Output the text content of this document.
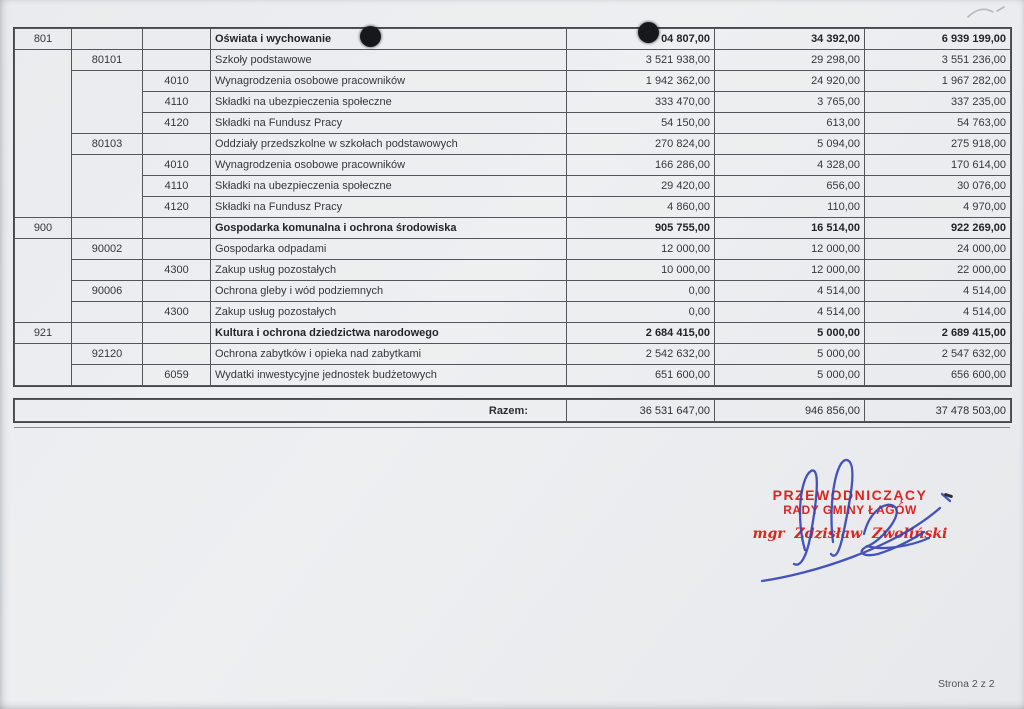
801			Oświata i wychowanie	04 807,00	34 392,00	6 939 199,00
	80101		Szkoły podstawowe	3 521 938,00	29 298,00	3 551 236,00
		4010	Wynagrodzenia osobowe pracowników	1 942 362,00	24 920,00	1 967 282,00
		4110	Składki na ubezpieczenia społeczne	333 470,00	3 765,00	337 235,00
		4120	Składki na Fundusz Pracy	54 150,00	613,00	54 763,00
	80103		Oddziały przedszkolne w szkołach podstawowych	270 824,00	5 094,00	275 918,00
		4010	Wynagrodzenia osobowe pracowników	166 286,00	4 328,00	170 614,00
		4110	Składki na ubezpieczenia społeczne	29 420,00	656,00	30 076,00
		4120	Składki na Fundusz Pracy	4 860,00	110,00	4 970,00
900			Gospodarka komunalna i ochrona środowiska	905 755,00	16 514,00	922 269,00
	90002		Gospodarka odpadami	12 000,00	12 000,00	24 000,00
		4300	Zakup usług pozostałych	10 000,00	12 000,00	22 000,00
	90006		Ochrona gleby i wód podziemnych	0,00	4 514,00	4 514,00
		4300	Zakup usług pozostałych	0,00	4 514,00	4 514,00
921			Kultura i ochrona dziedzictwa narodowego	2 684 415,00	5 000,00	2 689 415,00
	92120		Ochrona zabytków i opieka nad zabytkami	2 542 632,00	5 000,00	2 547 632,00
		6059	Wydatki inwestycyjne jednostek budżetowych	651 600,00	5 000,00	656 600,00
Razem:	36 531 647,00	946 856,00	37 478 503,00
PRZEWODNICZĄCY
RADY GMINY ŁAGÓW
mgr Zdzisław Zwoliński
Strona 2 z 2
